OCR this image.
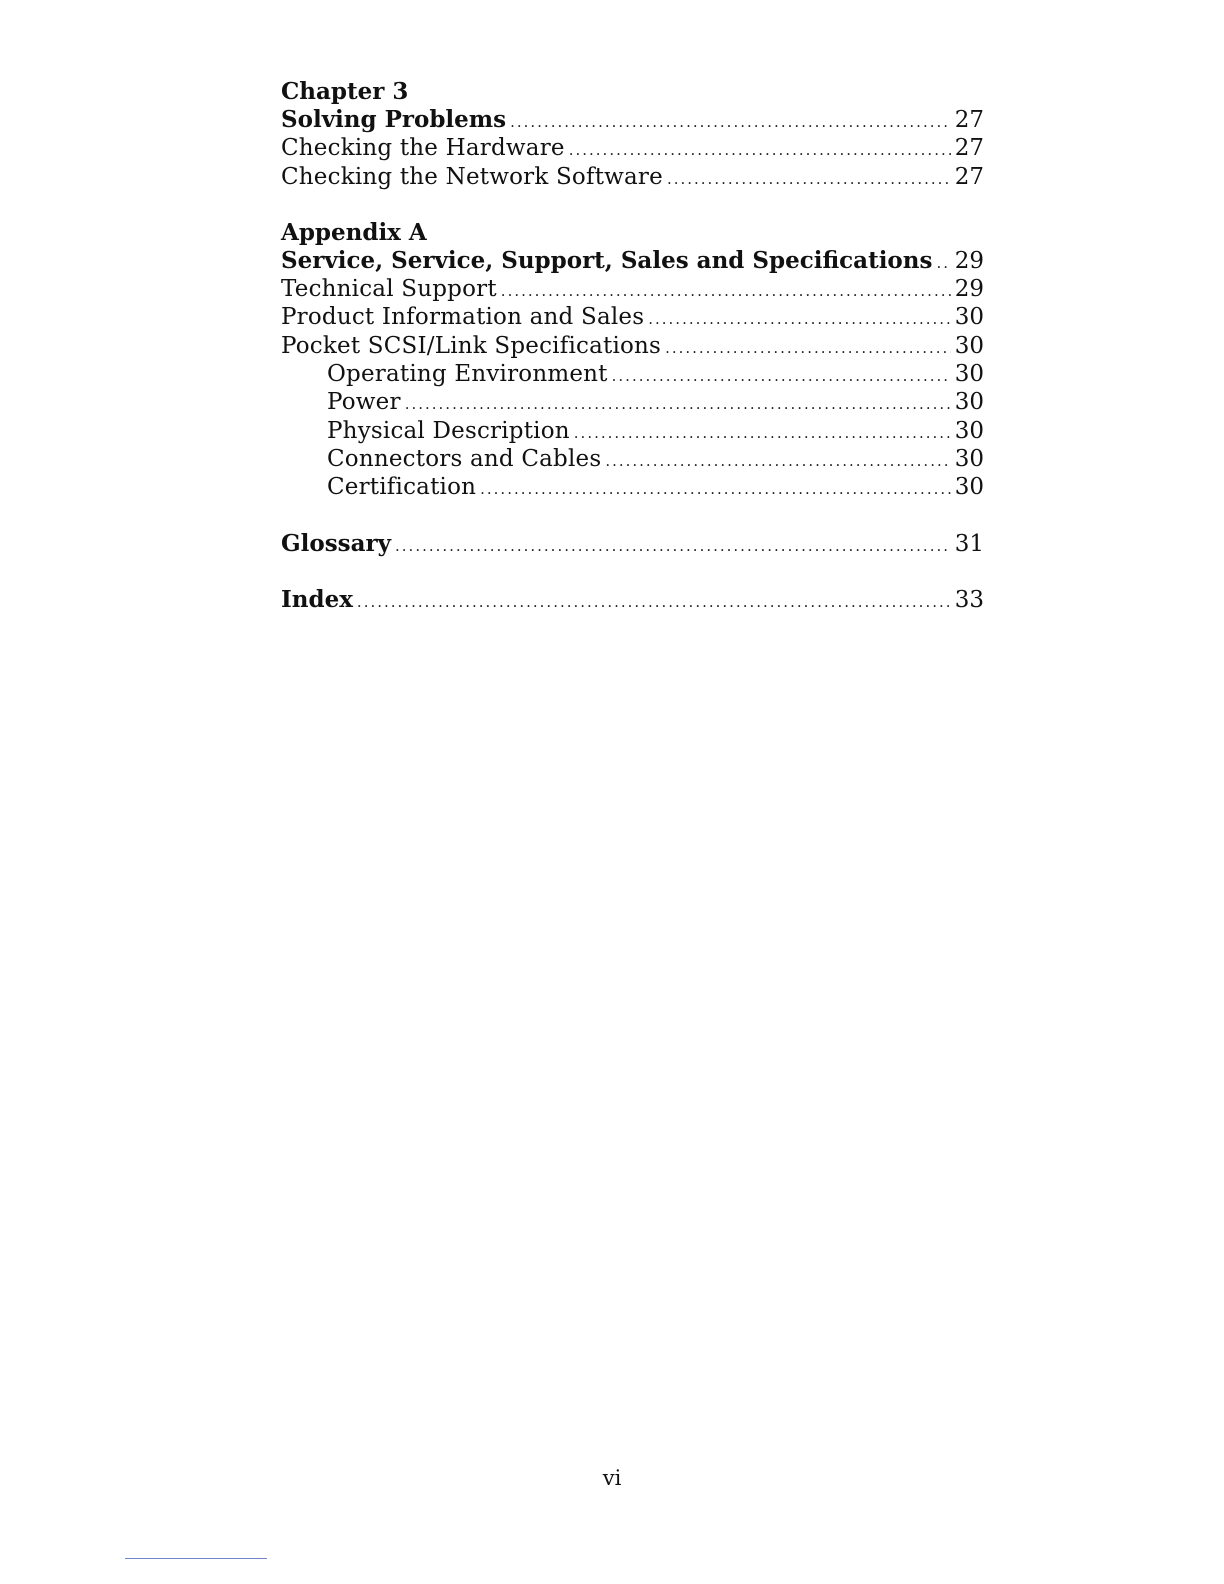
Chapter 3
Solving Problems .....	27
Checking the Hardware .....	27
Checking the Network Software .....	27
Appendix A
Service, Service, Support, Sales and Specifications ..... 29
Technical Support .....	29
Product Information and Sales .....	30
Pocket SCSI/Link Specifications .....	30
Operating Environment .....	30
Power .....	30
Physical Description .....	30
Connectors and Cables .....	30
Certification .....	30
Glossary .....	31
Index .....	33
vi
